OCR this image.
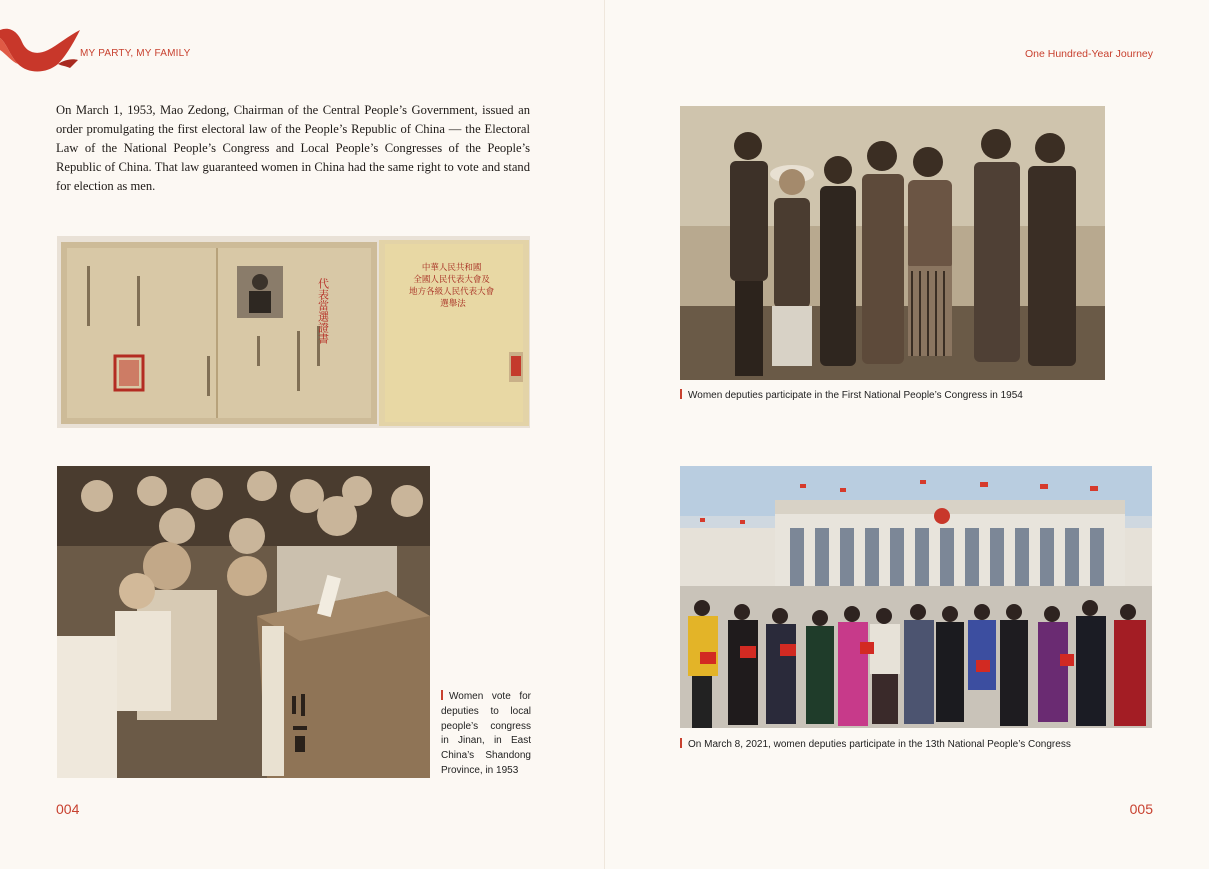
MY PARTY, MY FAMILY

On March 1, 1953, Mao Zedong, Chairman of the Central People’s Government, issued an order promulgating the first electoral law of the People’s Republic of China — the Electoral Law of the National People’s Congress and Local People’s Congresses of the People’s Republic of China. That law guaranteed women in China had the same right to vote and stand for election as men.

代表當選證書
中華人民共和國 全國人民代表大會及 地方各級人民代表大會 選舉法
Women vote for deputies to local people’s congress in Jinan, in East China’s Shandong Province, in 1953
004
One Hundred-Year Journey
Women deputies participate in the First National People’s Congress in 1954
On March 8, 2021, women deputies participate in the 13th National People’s Congress
005
